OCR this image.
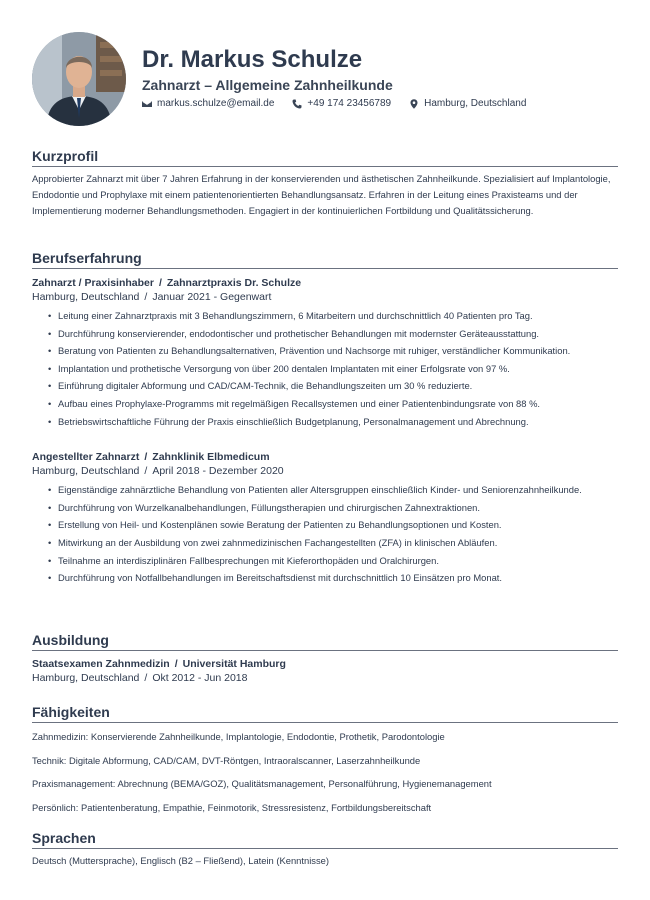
Dr. Markus Schulze
Zahnarzt – Allgemeine Zahnheilkunde
markus.schulze@email.de	+49 174 23456789	Hamburg, Deutschland
Kurzprofil
Approbierter Zahnarzt mit über 7 Jahren Erfahrung in der konservierenden und ästhetischen Zahnheilkunde. Spezialisiert auf Implantologie, Endodontie und Prophylaxe mit einem patientenorientierten Behandlungsansatz. Erfahren in der Leitung eines Praxisteams und der Implementierung moderner Behandlungsmethoden. Engagiert in der kontinuierlichen Fortbildung und Qualitätssicherung.
Berufserfahrung
Zahnarzt / Praxisinhaber / Zahnarztpraxis Dr. Schulze
Hamburg, Deutschland / Januar 2021 - Gegenwart
• Leitung einer Zahnarztpraxis mit 3 Behandlungszimmern, 6 Mitarbeitern und durchschnittlich 40 Patienten pro Tag.
• Durchführung konservierender, endodontischer und prothetischer Behandlungen mit modernster Geräteausstattung.
• Beratung von Patienten zu Behandlungsalternativen, Prävention und Nachsorge mit ruhiger, verständlicher Kommunikation.
• Implantation und prothetische Versorgung von über 200 dentalen Implantaten mit einer Erfolgsrate von 97 %.
• Einführung digitaler Abformung und CAD/CAM-Technik, die Behandlungszeiten um 30 % reduzierte.
• Aufbau eines Prophylaxe-Programms mit regelmäßigen Recallsystemen und einer Patientenbindungsrate von 88 %.
• Betriebswirtschaftliche Führung der Praxis einschließlich Budgetplanung, Personalmanagement und Abrechnung.
Angestellter Zahnarzt / Zahnklinik Elbmedicum
Hamburg, Deutschland / April 2018 - Dezember 2020
• Eigenständige zahnärztliche Behandlung von Patienten aller Altersgruppen einschließlich Kinder- und Seniorenzahnheilkunde.
• Durchführung von Wurzelkanalbehandlungen, Füllungstherapien und chirurgischen Zahnextraktionen.
• Erstellung von Heil- und Kostenplänen sowie Beratung der Patienten zu Behandlungsoptionen und Kosten.
• Mitwirkung an der Ausbildung von zwei zahnmedizinischen Fachangestellten (ZFA) in klinischen Abläufen.
• Teilnahme an interdisziplinären Fallbesprechungen mit Kieferorthopäden und Oralchirurgen.
• Durchführung von Notfallbehandlungen im Bereitschaftsdienst mit durchschnittlich 10 Einsätzen pro Monat.
Ausbildung
Staatsexamen Zahnmedizin / Universität Hamburg
Hamburg, Deutschland / Okt 2012 - Jun 2018
Fähigkeiten
Zahnmedizin: Konservierende Zahnheilkunde, Implantologie, Endodontie, Prothetik, Parodontologie
Technik: Digitale Abformung, CAD/CAM, DVT-Röntgen, Intraoralscanner, Laserzahnheilkunde
Praxismanagement: Abrechnung (BEMA/GOZ), Qualitätsmanagement, Personalführung, Hygienemanagement
Persönlich: Patientenberatung, Empathie, Feinmotorik, Stressresistenz, Fortbildungsbereitschaft
Sprachen
Deutsch (Muttersprache), Englisch (B2 – Fließend), Latein (Kenntnisse)
